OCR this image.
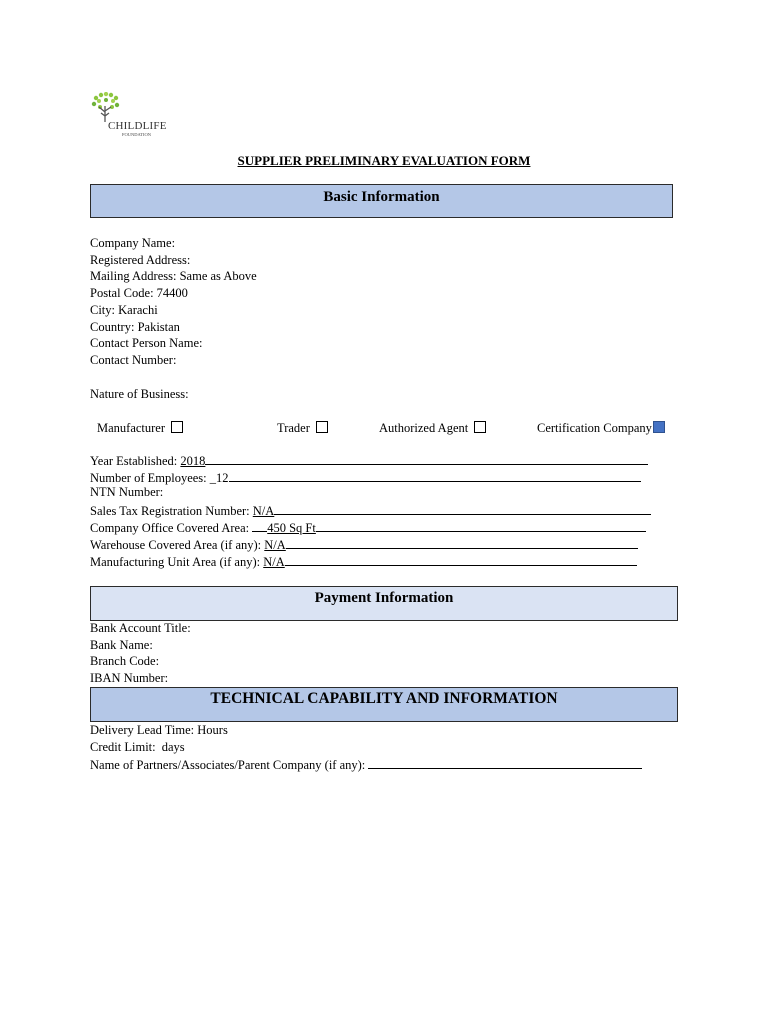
CHILDLIFE
FOUNDATION
SUPPLIER PRELIMINARY EVALUATION FORM
Basic Information
Company Name:
Registered Address:
Mailing Address: Same as Above
Postal Code: 74400
City: Karachi
Country: Pakistan
Contact Person Name:
Contact Number:
Nature of Business:
Manufacturer	Trader	Authorized Agent	Certification Company
Year Established: 2018
Number of Employees: _12
NTN Number:
Sales Tax Registration Number: N/A
Company Office Covered Area: 450 Sq Ft
Warehouse Covered Area (if any): N/A
Manufacturing Unit Area (if any): N/A
Payment Information
Bank Account Title:
Bank Name:
Branch Code:
IBAN Number:
TECHNICAL CAPABILITY AND INFORMATION
Delivery Lead Time: Hours
Credit Limit: days
Name of Partners/Associates/Parent Company (if any):
